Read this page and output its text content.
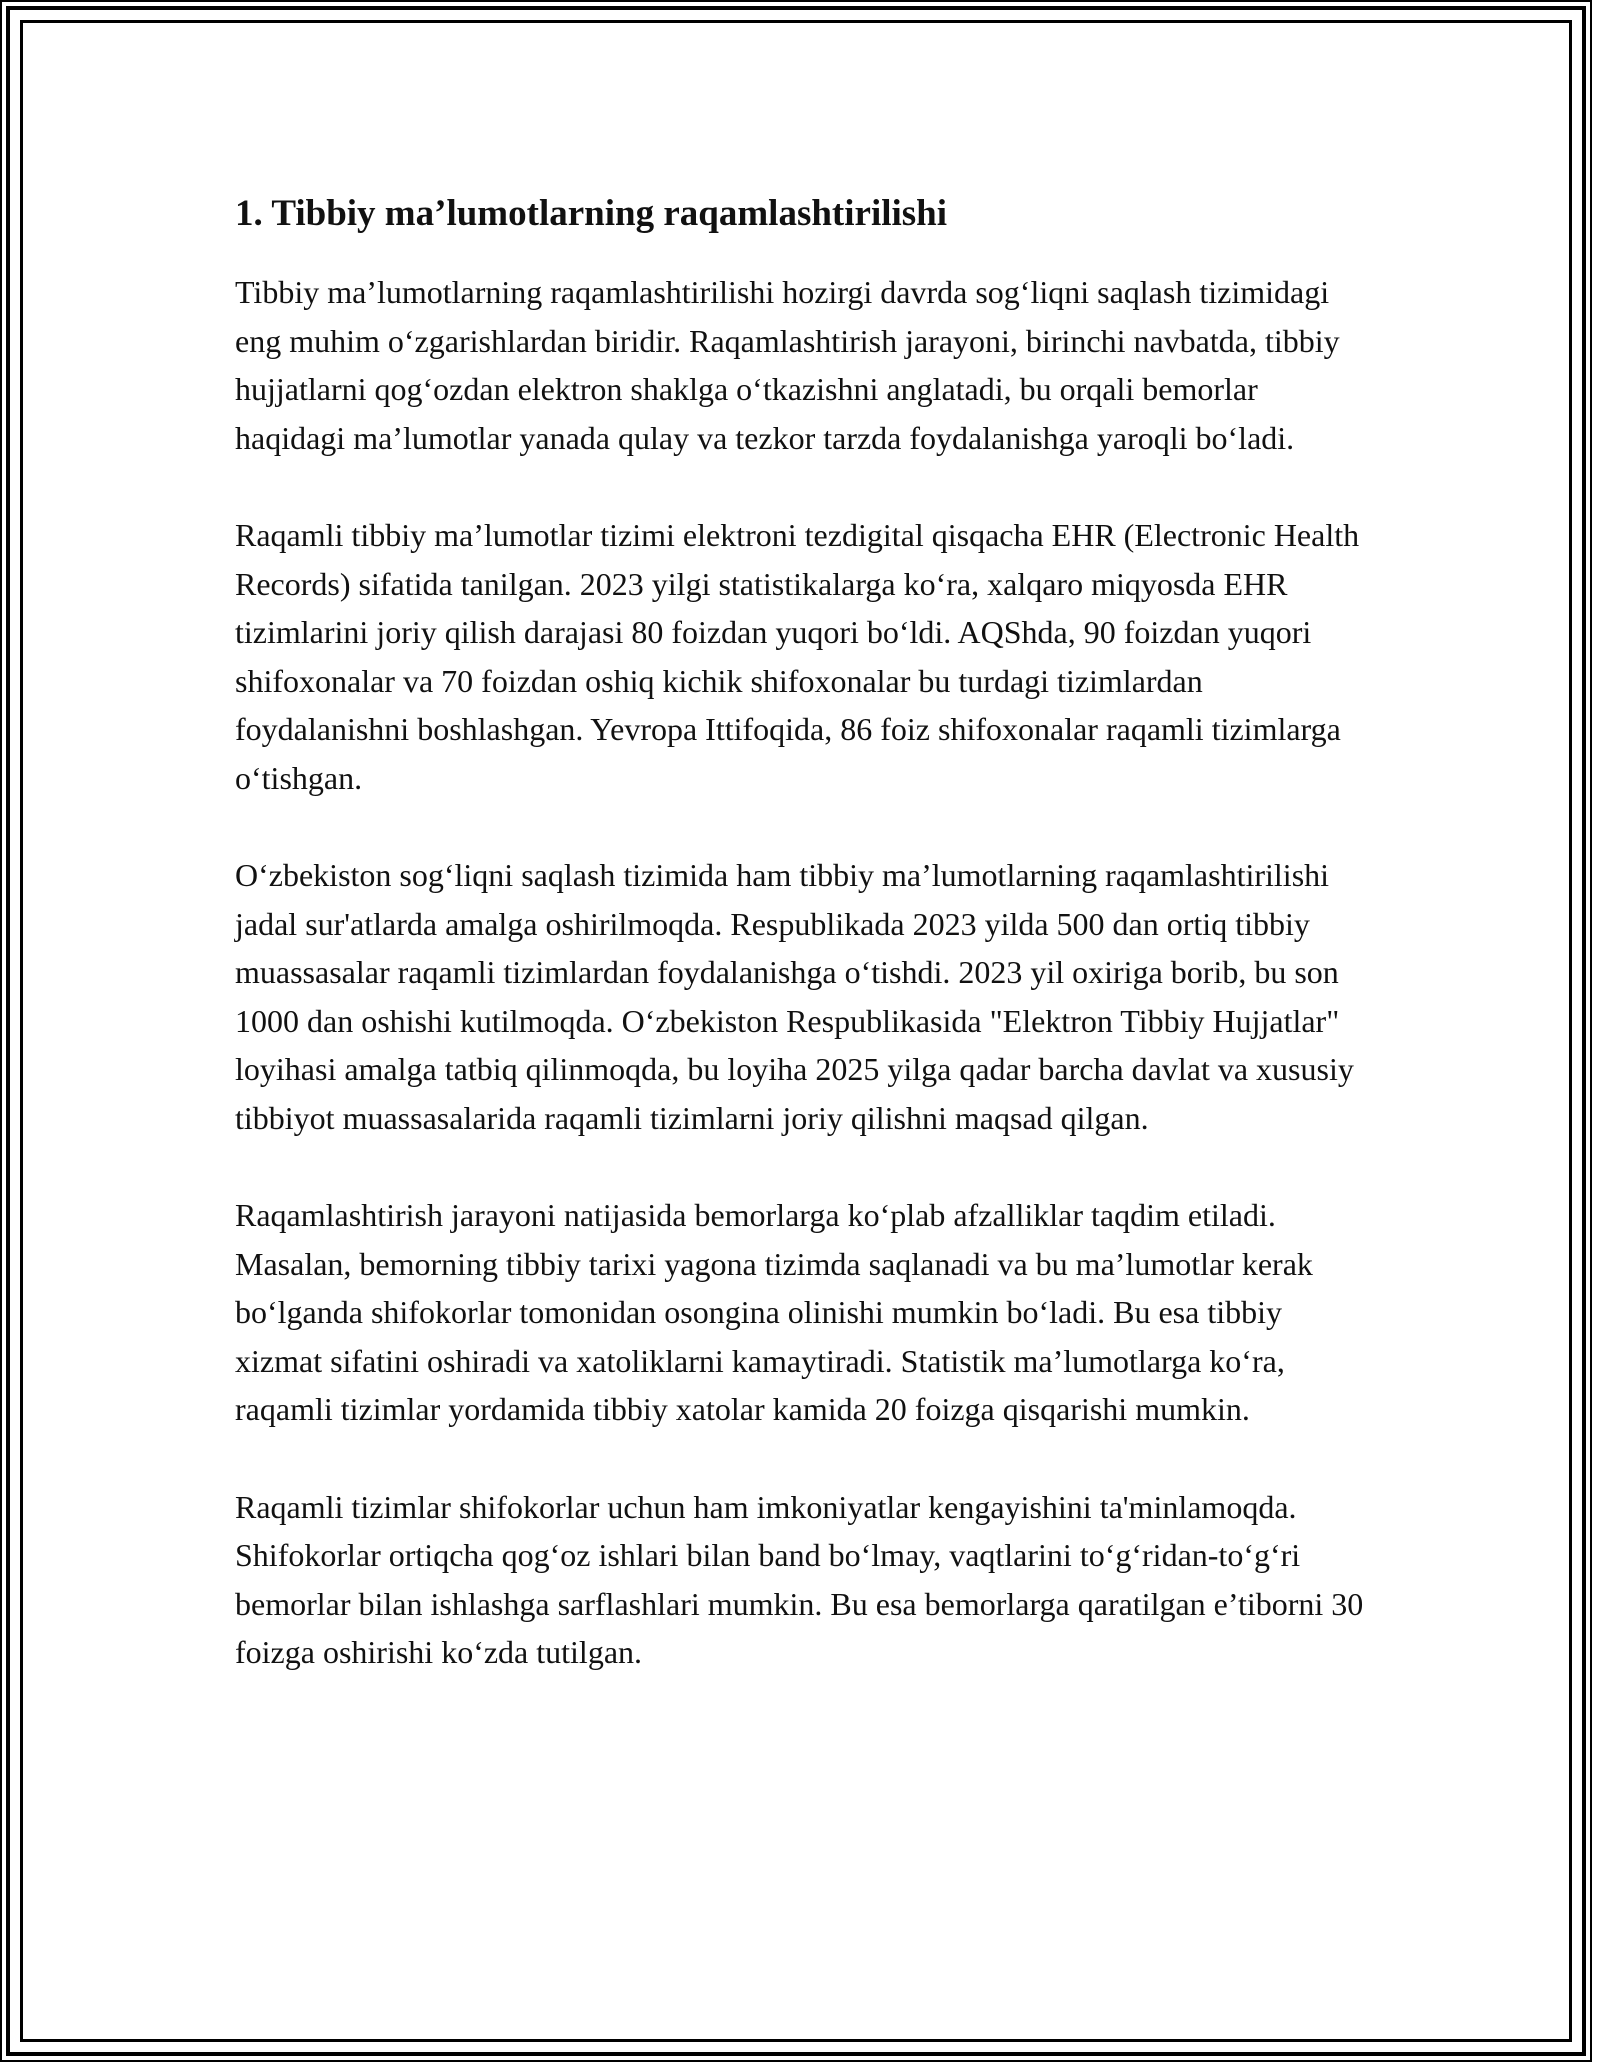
1. Tibbiy ma’lumotlarning raqamlashtirilishi

Tibbiy ma’lumotlarning raqamlashtirilishi hozirgi davrda sog‘liqni saqlash tizimidagi eng muhim o‘zgarishlardan biridir. Raqamlashtirish jarayoni, birinchi navbatda, tibbiy hujjatlarni qog‘ozdan elektron shaklga o‘tkazishni anglatadi, bu orqali bemorlar haqidagi ma’lumotlar yanada qulay va tezkor tarzda foydalanishga yaroqli bo‘ladi.

Raqamli tibbiy ma’lumotlar tizimi elektroni tezdigital qisqacha EHR (Electronic Health Records) sifatida tanilgan. 2023 yilgi statistikalarga ko‘ra, xalqaro miqyosda EHR tizimlarini joriy qilish darajasi 80 foizdan yuqori bo‘ldi. AQShda, 90 foizdan yuqori shifoxonalar va 70 foizdan oshiq kichik shifoxonalar bu turdagi tizimlardan foydalanishni boshlashgan. Yevropa Ittifoqida, 86 foiz shifoxonalar raqamli tizimlarga o‘tishgan.

O‘zbekiston sog‘liqni saqlash tizimida ham tibbiy ma’lumotlarning raqamlashtirilishi jadal sur'atlarda amalga oshirilmoqda. Respublikada 2023 yilda 500 dan ortiq tibbiy muassasalar raqamli tizimlardan foydalanishga o‘tishdi. 2023 yil oxiriga borib, bu son 1000 dan oshishi kutilmoqda. O‘zbekiston Respublikasida "Elektron Tibbiy Hujjatlar" loyihasi amalga tatbiq qilinmoqda, bu loyiha 2025 yilga qadar barcha davlat va xususiy tibbiyot muassasalarida raqamli tizimlarni joriy qilishni maqsad qilgan.

Raqamlashtirish jarayoni natijasida bemorlarga ko‘plab afzalliklar taqdim etiladi. Masalan, bemorning tibbiy tarixi yagona tizimda saqlanadi va bu ma’lumotlar kerak bo‘lganda shifokorlar tomonidan osongina olinishi mumkin bo‘ladi. Bu esa tibbiy xizmat sifatini oshiradi va xatoliklarni kamaytiradi. Statistik ma’lumotlarga ko‘ra, raqamli tizimlar yordamida tibbiy xatolar kamida 20 foizga qisqarishi mumkin.

Raqamli tizimlar shifokorlar uchun ham imkoniyatlar kengayishini ta'minlamoqda. Shifokorlar ortiqcha qog‘oz ishlari bilan band bo‘lmay, vaqtlarini to‘g‘ridan-to‘g‘ri bemorlar bilan ishlashga sarflashlari mumkin. Bu esa bemorlarga qaratilgan e’tiborni 30 foizga oshirishi ko‘zda tutilgan.
